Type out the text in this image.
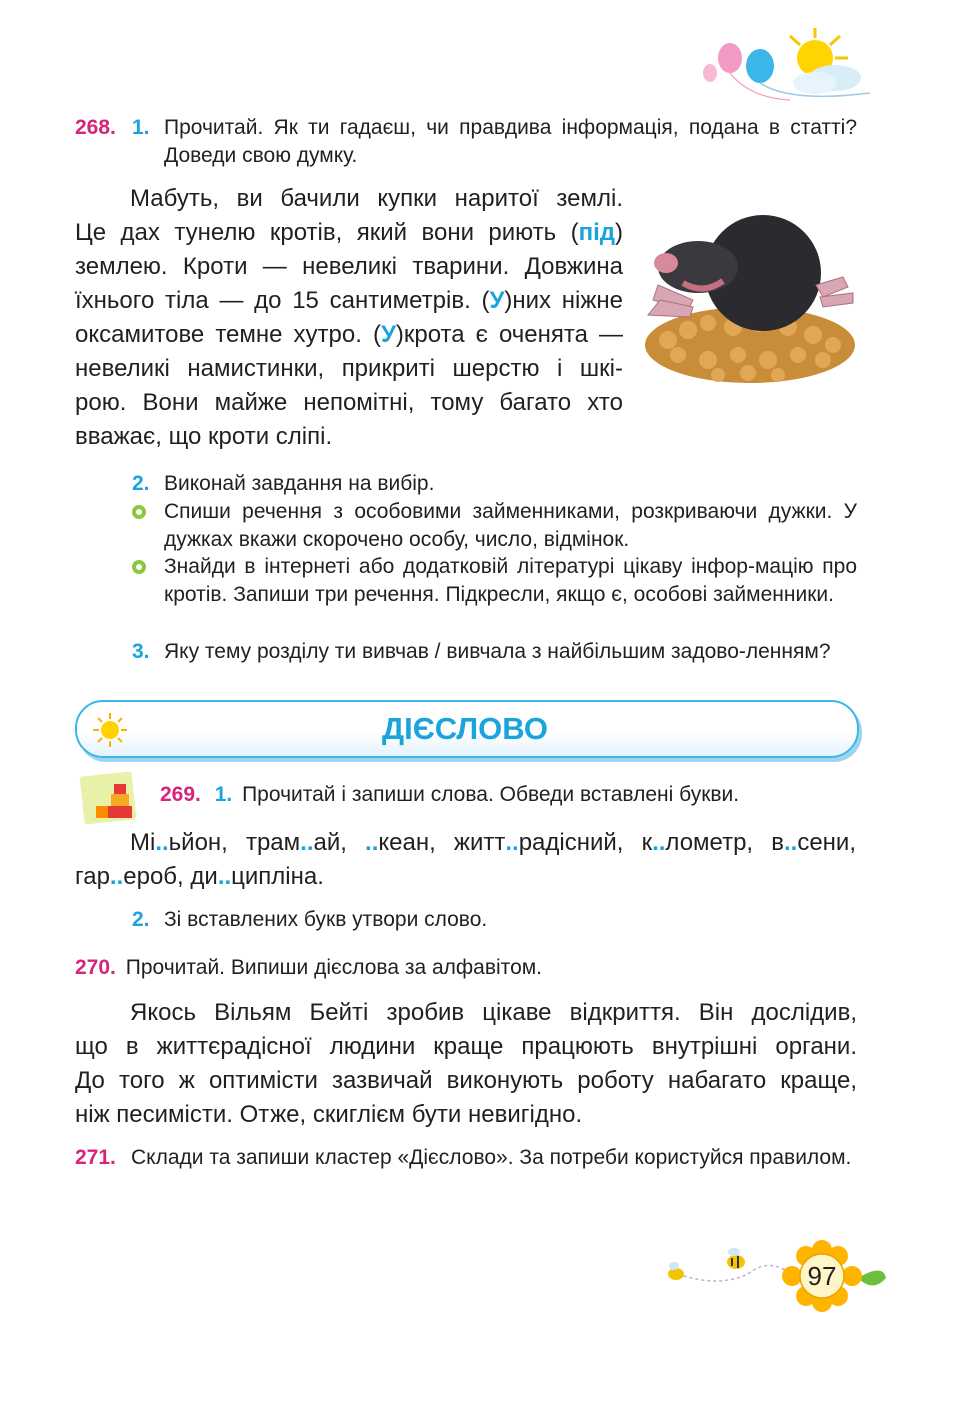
268. 1. Прочитай. Як ти гадаєш, чи правдива інформація, подана в статті? Доведи свою думку.
Мабуть, ви бачили купки наритої землі.
Це дах тунелю кротів, який вони риють (під)
землею. Кроти — невеликі тварини. Довжина
їхнього тіла — до 15 сантиметрів. (У)них ніжне
оксамитове темне хутро. (У)крота є оченята —
невеликі намистинки, прикриті шерстю і шкі-
рою. Вони майже непомітні, тому багато хто
вважає, що кроти сліпі.
2. Виконай завдання на вибір.
Спиши речення з особовими займенниками, розкриваючи дужки. У дужках вкажи скорочено особу, число, відмінок.
Знайди в інтернеті або додатковій літературі цікаву інфор-мацію про кротів. Запиши три речення. Підкресли, якщо є, особові займенники.
3. Яку тему розділу ти вивчав / вивчала з найбільшим задово-ленням?
ДІЄСЛОВО
269. 1. Прочитай і запиши слова. Обведи вставлені букви.
Мі..ьйон, трам..ай, ..кеан, житт..радісний, к..лометр, в..сени,
гар..ероб, ди..ципліна.
2. Зі вставлених букв утвори слово.
270. Прочитай. Випиши дієслова за алфавітом.
Якось Вільям Бейті зробив цікаве відкриття. Він дослідив,
що в життєрадісної людини краще працюють внутрішні органи.
До того ж оптимісти зазвичай виконують роботу набагато краще,
ніж песимісти. Отже, скиглієм бути невигідно.
271. Склади та запиши кластер «Дієслово». За потреби користуйся правилом.
97
